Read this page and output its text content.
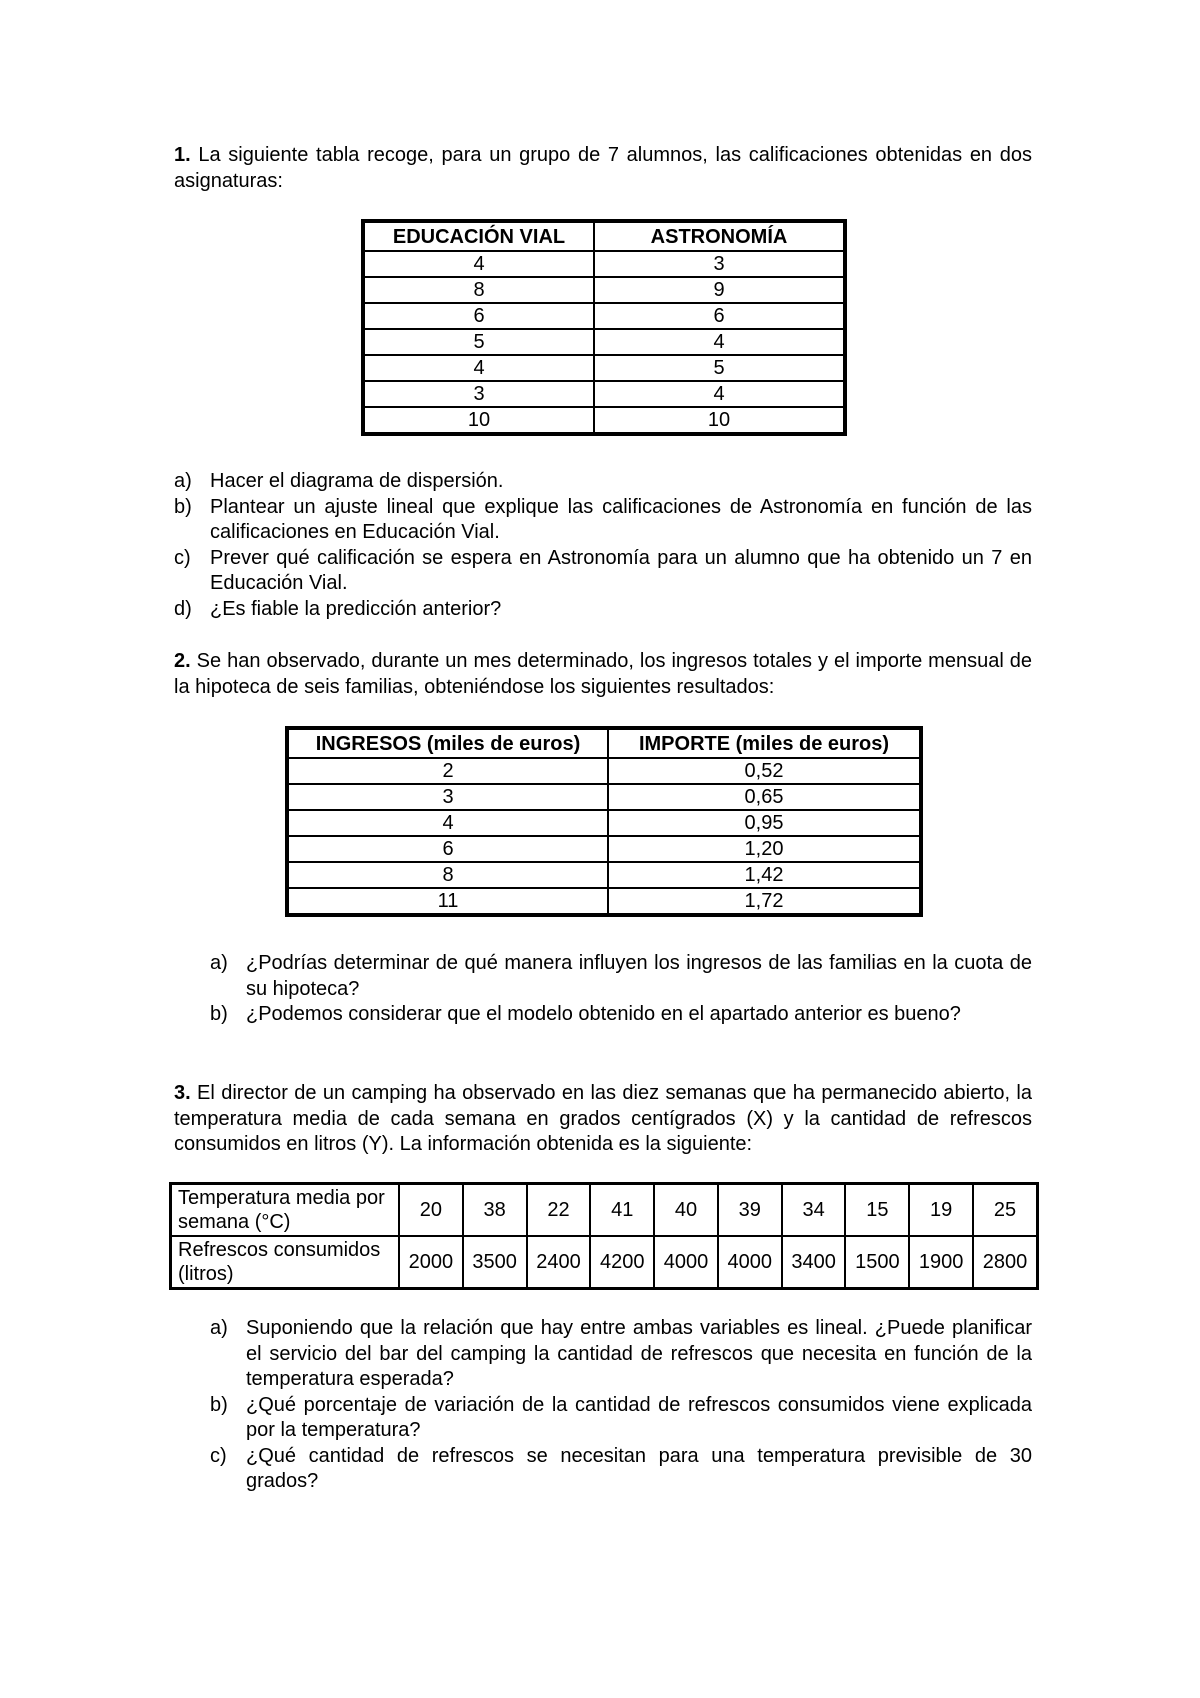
1. La siguiente tabla recoge, para un grupo de 7 alumnos, las calificaciones obtenidas en dos asignaturas:

EDUCACIÓN VIAL	ASTRONOMÍA
4	3
8	9
6	6
5	4
4	5
3	4
10	10
a) Hacer el diagrama de dispersión.
b) Plantear un ajuste lineal que explique las calificaciones de Astronomía en función de las calificaciones en Educación Vial.
c) Prever qué calificación se espera en Astronomía para un alumno que ha obtenido un 7 en Educación Vial.
d) ¿Es fiable la predicción anterior?

2. Se han observado, durante un mes determinado, los ingresos totales y el importe mensual de la hipoteca de seis familias, obteniéndose los siguientes resultados:

INGRESOS (miles de euros)	IMPORTE (miles de euros)
2	0,52
3	0,65
4	0,95
6	1,20
8	1,42
11	1,72
a) ¿Podrías determinar de qué manera influyen los ingresos de las familias en la cuota de su hipoteca?
b) ¿Podemos considerar que el modelo obtenido en el apartado anterior es bueno?

3. El director de un camping ha observado en las diez semanas que ha permanecido abierto, la temperatura media de cada semana en grados centígrados (X) y la cantidad de refrescos consumidos en litros (Y). La información obtenida es la siguiente:

Temperatura media por semana (°C)	20	38	22	41	40	39	34	15	19	25
Refrescos consumidos (litros)	2000	3500	2400	4200	4000	4000	3400	1500	1900	2800
a) Suponiendo que la relación que hay entre ambas variables es lineal. ¿Puede planificar el servicio del bar del camping la cantidad de refrescos que necesita en función de la temperatura esperada?
b) ¿Qué porcentaje de variación de la cantidad de refrescos consumidos viene explicada por la temperatura?
c) ¿Qué cantidad de refrescos se necesitan para una temperatura previsible de 30 grados?
